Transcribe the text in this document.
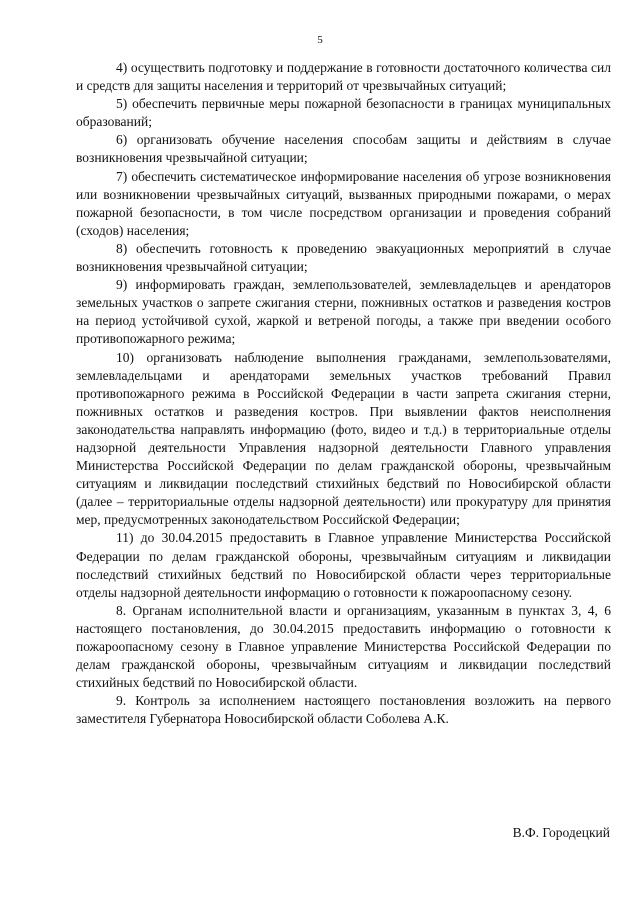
5

4) осуществить подготовку и поддержание в готовности достаточного количества сил и средств для защиты населения и территорий от чрезвычайных ситуаций;

5) обеспечить первичные меры пожарной безопасности в границах муниципальных образований;

6) организовать обучение населения способам защиты и действиям в случае возникновения чрезвычайной ситуации;

7) обеспечить систематическое информирование населения об угрозе возникновения или возникновении чрезвычайных ситуаций, вызванных природными пожарами, о мерах пожарной безопасности, в том числе посредством организации и проведения собраний (сходов) населения;

8) обеспечить готовность к проведению эвакуационных мероприятий в случае возникновения чрезвычайной ситуации;

9) информировать граждан, землепользователей, землевладельцев и арендаторов земельных участков о запрете сжигания стерни, пожнивных остатков и разведения костров на период устойчивой сухой, жаркой и ветреной погоды, а также при введении особого противопожарного режима;

10) организовать наблюдение выполнения гражданами, землепользователями, землевладельцами и арендаторами земельных участков требований Правил противопожарного режима в Российской Федерации в части запрета сжигания стерни, пожнивных остатков и разведения костров. При выявлении фактов неисполнения законодательства направлять информацию (фото, видео и т.д.) в территориальные отделы надзорной деятельности Управления надзорной деятельности Главного управления Министерства Российской Федерации по делам гражданской обороны, чрезвычайным ситуациям и ликвидации последствий стихийных бедствий по Новосибирской области (далее – территориальные отделы надзорной деятельности) или прокуратуру для принятия мер, предусмотренных законодательством Российской Федерации;

11) до 30.04.2015 предоставить в Главное управление Министерства Российской Федерации по делам гражданской обороны, чрезвычайным ситуациям и ликвидации последствий стихийных бедствий по Новосибирской области через территориальные отделы надзорной деятельности информацию о готовности к пожароопасному сезону.

8. Органам исполнительной власти и организациям, указанным в пунктах 3, 4, 6 настоящего постановления, до 30.04.2015 предоставить информацию о готовности к пожароопасному сезону в Главное управление Министерства Российской Федерации по делам гражданской обороны, чрезвычайным ситуациям и ликвидации последствий стихийных бедствий по Новосибирской области.

9. Контроль за исполнением настоящего постановления возложить на первого заместителя Губернатора Новосибирской области Соболева А.К.

В.Ф. Городецкий
